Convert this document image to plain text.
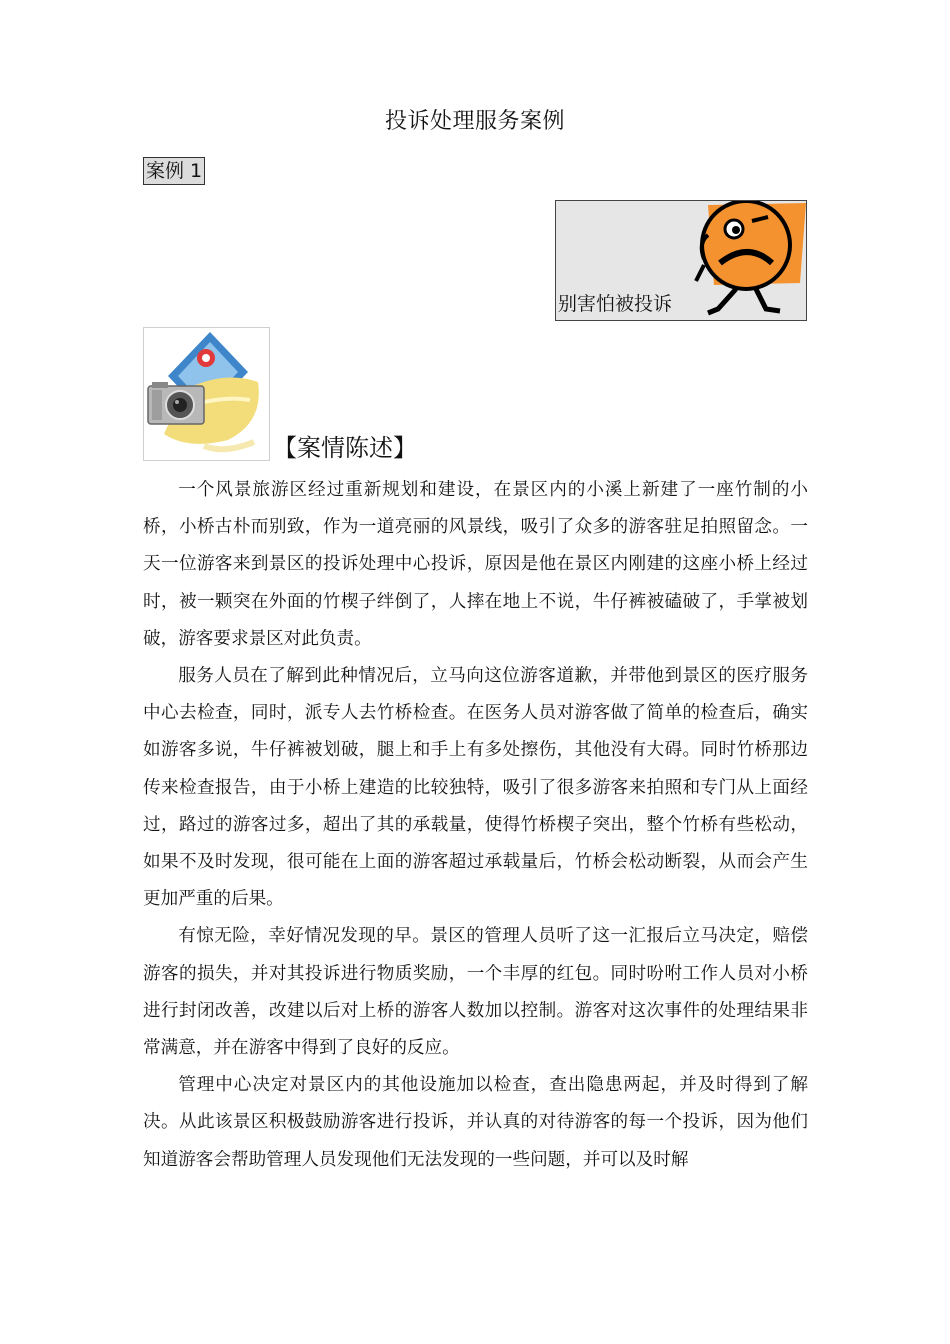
投诉处理服务案例
案例 1
别害怕被投诉
【案情陈述】

一个风景旅游区经过重新规划和建设，在景区内的小溪上新建了一座竹制的小桥，小桥古朴而别致，作为一道亮丽的风景线，吸引了众多的游客驻足拍照留念。一天一位游客来到景区的投诉处理中心投诉，原因是他在景区内刚建的这座小桥上经过时，被一颗突在外面的竹楔子绊倒了，人摔在地上不说，牛仔裤被磕破了，手掌被划破，游客要求景区对此负责。

服务人员在了解到此种情况后，立马向这位游客道歉，并带他到景区的医疗服务中心去检查，同时，派专人去竹桥检查。在医务人员对游客做了简单的检查后，确实如游客多说，牛仔裤被划破，腿上和手上有多处擦伤，其他没有大碍。同时竹桥那边传来检查报告，由于小桥上建造的比较独特，吸引了很多游客来拍照和专门从上面经过，路过的游客过多，超出了其的承载量，使得竹桥楔子突出，整个竹桥有些松动，如果不及时发现，很可能在上面的游客超过承载量后，竹桥会松动断裂，从而会产生更加严重的后果。

有惊无险，幸好情况发现的早。景区的管理人员听了这一汇报后立马决定，赔偿游客的损失，并对其投诉进行物质奖励，一个丰厚的红包。同时吩咐工作人员对小桥进行封闭改善，改建以后对上桥的游客人数加以控制。游客对这次事件的处理结果非常满意，并在游客中得到了良好的反应。

管理中心决定对景区内的其他设施加以检查，查出隐患两起，并及时得到了解决。从此该景区积极鼓励游客进行投诉，并认真的对待游客的每一个投诉，因为他们知道游客会帮助管理人员发现他们无法发现的一些问题，并可以及时解
